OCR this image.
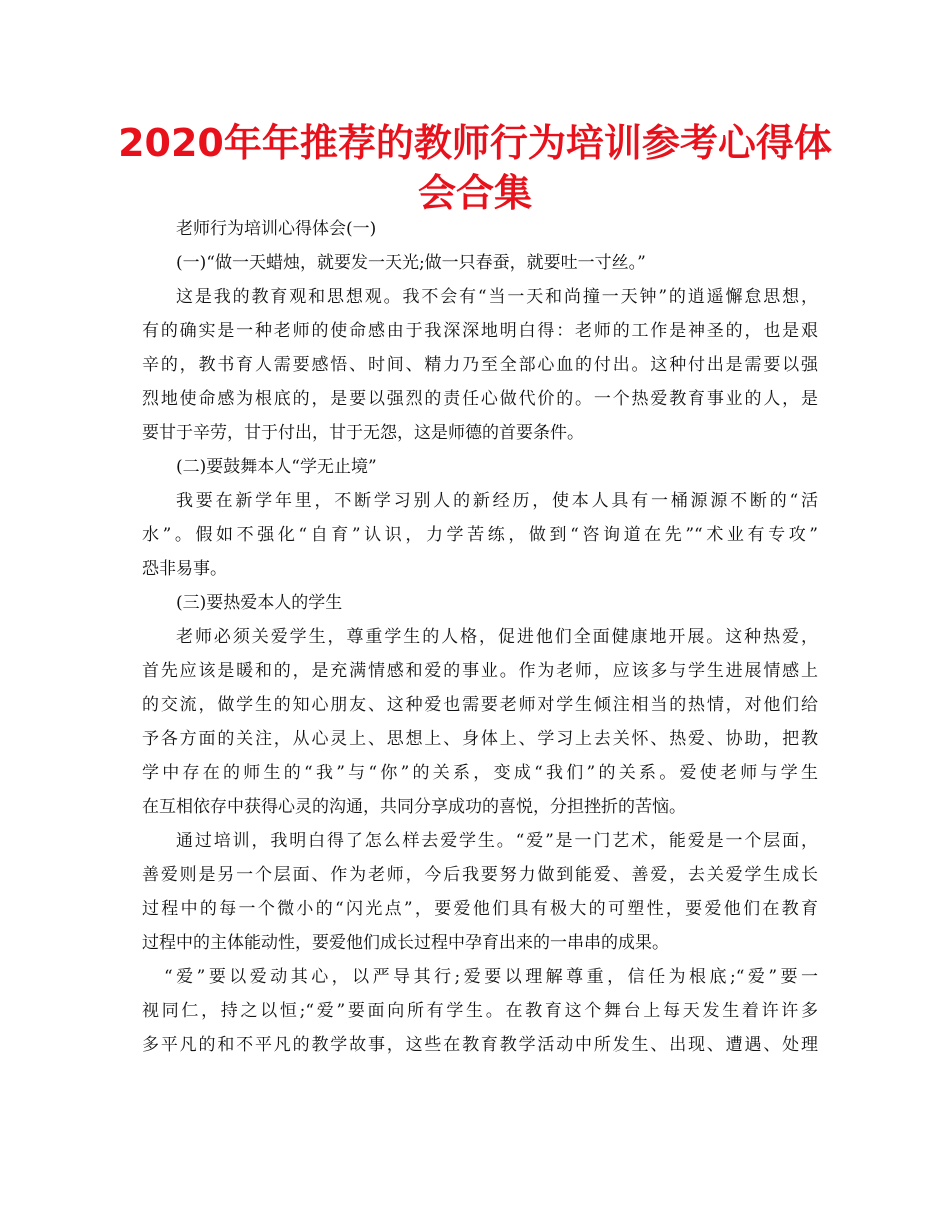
2020年年推荐的教师行为培训参考心得体
会合集
老师行为培训心得体会(一)
(一)“做一天蜡烛，就要发一天光;做一只春蚕，就要吐一寸丝。”
这是我的教育观和思想观。我不会有“当一天和尚撞一天钟”的逍遥懈怠思想，
有的确实是一种老师的使命感由于我深深地明白得：老师的工作是神圣的，也是艰
辛的，教书育人需要感悟、时间、精力乃至全部心血的付出。这种付出是需要以强
烈地使命感为根底的，是要以强烈的责任心做代价的。一个热爱教育事业的人，是
要甘于辛劳，甘于付出，甘于无怨，这是师德的首要条件。
(二)要鼓舞本人“学无止境”
我要在新学年里，不断学习别人的新经历，使本人具有一桶源源不断的“活
水”。假如不强化“自育”认识，力学苦练，做到“咨询道在先”“术业有专攻”
恐非易事。
(三)要热爱本人的学生
老师必须关爱学生，尊重学生的人格，促进他们全面健康地开展。这种热爱，
首先应该是暖和的，是充满情感和爱的事业。作为老师，应该多与学生进展情感上
的交流，做学生的知心朋友、这种爱也需要老师对学生倾注相当的热情，对他们给
予各方面的关注，从心灵上、思想上、身体上、学习上去关怀、热爱、协助，把教
学中存在的师生的“我”与“你”的关系，变成“我们”的关系。爱使老师与学生
在互相依存中获得心灵的沟通，共同分享成功的喜悦，分担挫折的苦恼。
通过培训，我明白得了怎么样去爱学生。“爱”是一门艺术，能爱是一个层面，
善爱则是另一个层面、作为老师，今后我要努力做到能爱、善爱，去关爱学生成长
过程中的每一个微小的“闪光点”，要爱他们具有极大的可塑性，要爱他们在教育
过程中的主体能动性，要爱他们成长过程中孕育出来的一串串的成果。
“爱”要以爱动其心，以严导其行;爱要以理解尊重，信任为根底;“爱”要一
视同仁，持之以恒;“爱”要面向所有学生。在教育这个舞台上每天发生着许许多
多平凡的和不平凡的教学故事，这些在教育教学活动中所发生、出现、遭遇、处理
